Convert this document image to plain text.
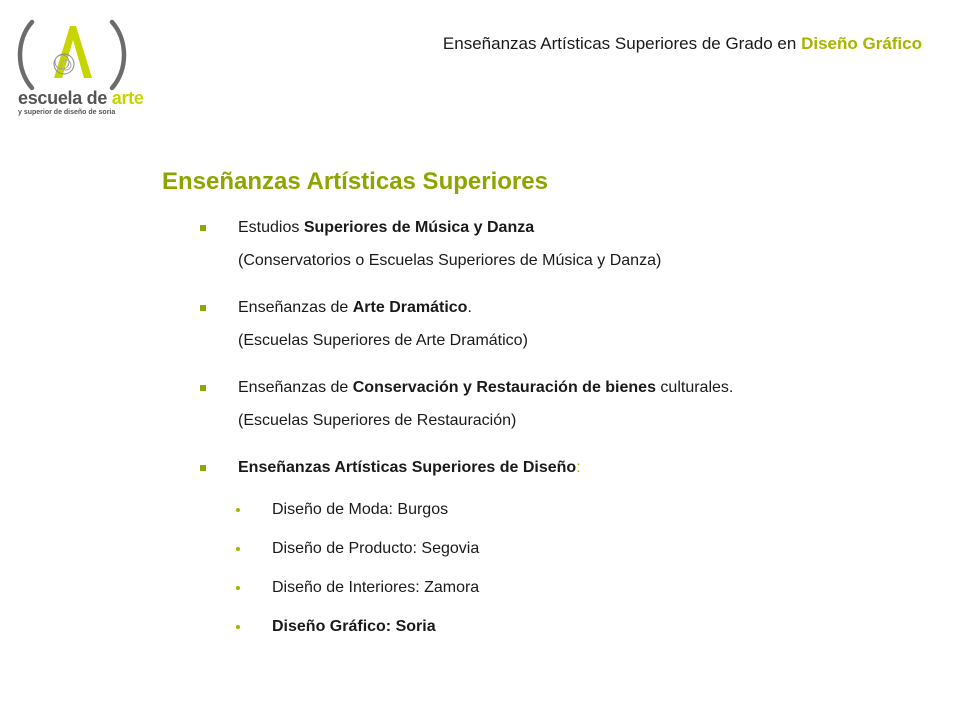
escuela de arte
y superior de diseño de soria
Enseñanzas Artísticas Superiores de Grado en Diseño Gráfico
Enseñanzas Artísticas Superiores
Estudios Superiores de Música y Danza
(Conservatorios o Escuelas Superiores de Música y Danza)
Enseñanzas de Arte Dramático.
(Escuelas Superiores de Arte Dramático)
Enseñanzas de Conservación y Restauración de bienes culturales.
(Escuelas Superiores de Restauración)
Enseñanzas Artísticas Superiores de Diseño:
Diseño de Moda: Burgos
Diseño de Producto: Segovia
Diseño de Interiores: Zamora
Diseño Gráfico: Soria
